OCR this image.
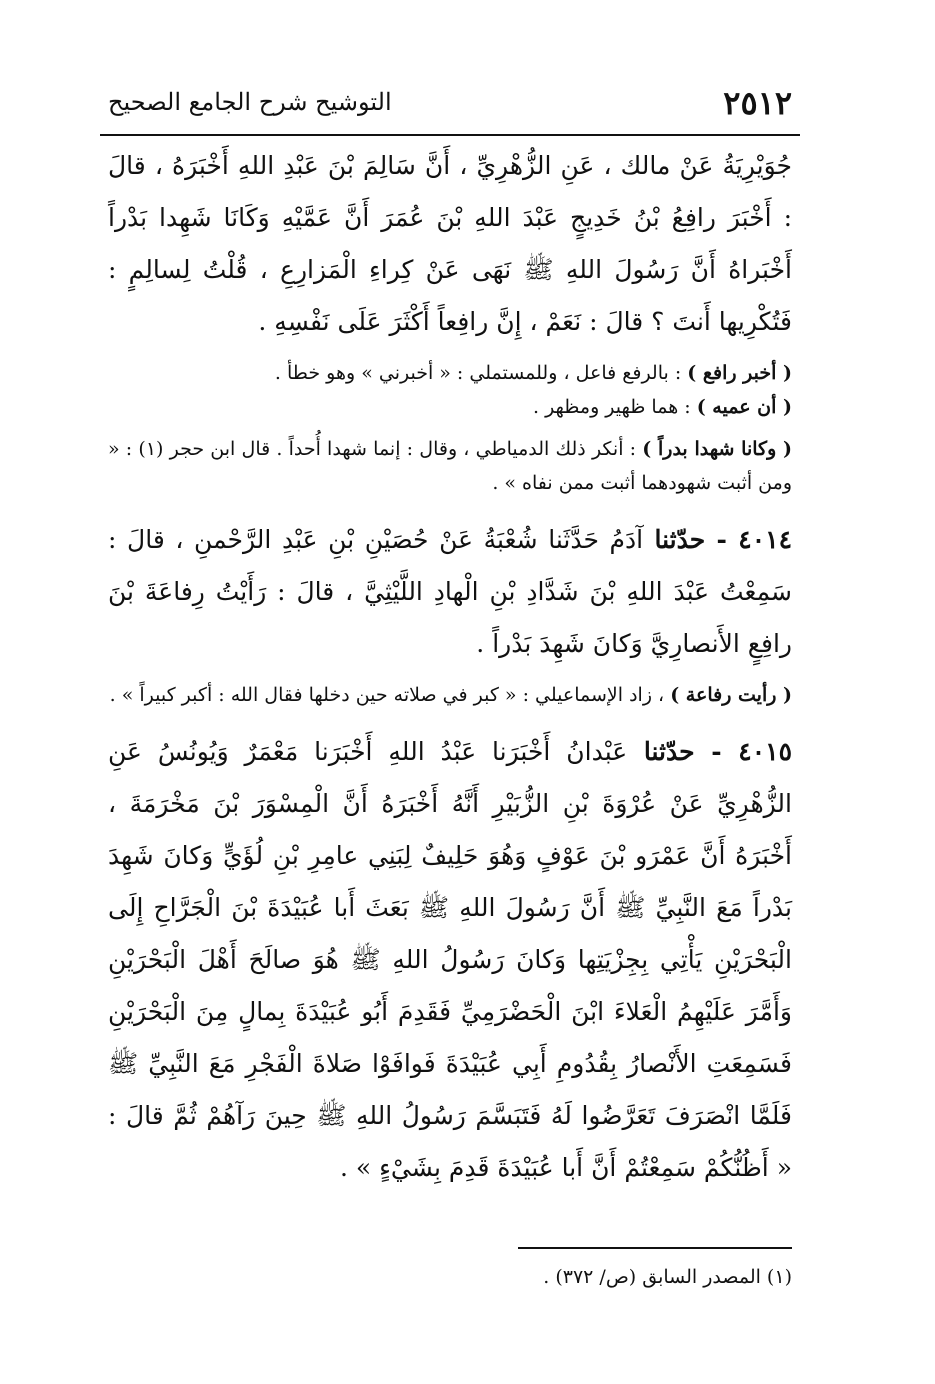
٢٥١٢
التوشيح شرح الجامع الصحيح

جُوَيْرِيَةُ عَنْ مالك ، عَنِ الزُّهْرِيِّ ، أَنَّ سَالِمَ بْنَ عَبْدِ اللهِ أَخْبَرَهُ ، قالَ : أَخْبَرَ رافِعُ بْنُ خَدِيجٍ عَبْدَ اللهِ بْنَ عُمَرَ أَنَّ عَمَّيْهِ وَكَانَا شَهِدا بَدْراً أَخْبَراهُ أَنَّ رَسُولَ اللهِ ﷺ نَهَى عَنْ كِراءِ الْمَزارِعِ ، قُلْتُ لِسالِمٍ : فَتُكْرِيها أَنتَ ؟ قالَ : نَعَمْ ، إِنَّ رافِعاً أَكْثَرَ عَلَى نَفْسِهِ .

( أخبر رافع ) : بالرفع فاعل ، وللمستملي : « أخبرني » وهو خطأ .

( أن عميه ) : هما ظهير ومظهر .

( وكانا شهدا بدراً ) : أنكر ذلك الدمياطي ، وقال : إنما شهدا أُحداً . قال ابن حجر (١) : « ومن أثبت شهودهما أثبت ممن نفاه » .

٤٠١٤ - حدّثنا آدَمُ حَدَّثَنا شُعْبَةُ عَنْ حُصَيْنِ بْنِ عَبْدِ الرَّحْمنِ ، قالَ : سَمِعْتُ عَبْدَ اللهِ بْنَ شَدَّادِ بْنِ الْهادِ اللَّيْثِيَّ ، قالَ : رَأَيْتُ رِفاعَةَ بْنَ رافِعٍ الأَنصارِيَّ وَكانَ شَهِدَ بَدْراً .

( رأيت رفاعة ) ، زاد الإسماعيلي : « كبر في صلاته حين دخلها فقال الله : أكبر كبيراً » .

٤٠١٥ - حدّثنا عَبْدانُ أَخْبَرَنا عَبْدُ اللهِ أَخْبَرَنا مَعْمَرٌ وَيُونُسُ عَنِ الزُّهْرِيِّ عَنْ عُرْوَةَ بْنِ الزُّبَيْرِ أَنَّهُ أَخْبَرَهُ أَنَّ الْمِسْوَرَ بْنَ مَخْرَمَةَ ، أَخْبَرَهُ أَنَّ عَمْرَو بْنَ عَوْفٍ وَهُوَ حَلِيفٌ لِبَنِي عامِرِ بْنِ لُؤَيٍّ وَكانَ شَهِدَ بَدْراً مَعَ النَّبِيِّ ﷺ أَنَّ رَسُولَ اللهِ ﷺ بَعَثَ أَبا عُبَيْدَةَ بْنَ الْجَرَّاحِ إِلَى الْبَحْرَيْنِ يَأْتِي بِجِزْيَتِها وَكانَ رَسُولُ اللهِ ﷺ هُوَ صالَحَ أَهْلَ الْبَحْرَيْنِ وَأَمَّرَ عَلَيْهِمُ الْعَلاءَ ابْنَ الْحَضْرَمِيِّ فَقَدِمَ أَبُو عُبَيْدَةَ بِمالٍ مِنَ الْبَحْرَيْنِ فَسَمِعَتِ الأَنْصارُ بِقُدُومِ أَبِي عُبَيْدَةَ فَوافَوْا صَلاةَ الْفَجْرِ مَعَ النَّبِيِّ ﷺ فَلَمَّا انْصَرَفَ تَعَرَّضُوا لَهُ فَتَبَسَّمَ رَسُولُ اللهِ ﷺ حِينَ رَآهُمْ ثُمَّ قالَ : « أَظُنُّكُمْ سَمِعْتُمْ أَنَّ أَبا عُبَيْدَةَ قَدِمَ بِشَيْءٍ » .

(١) المصدر السابق (ص/ ٣٧٢) .
